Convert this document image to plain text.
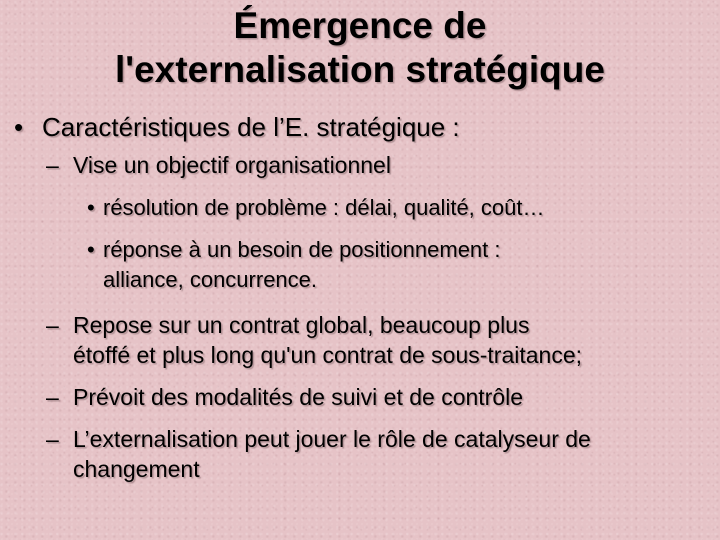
Émergence de
l'externalisation stratégique
• Caractéristiques de l’E. stratégique :
– Vise un objectif organisationnel
• résolution de problème : délai, qualité, coût…
• réponse à un besoin de positionnement :
alliance, concurrence.
– Repose sur un contrat global, beaucoup plus
étoffé et plus long qu'un contrat de sous-traitance;
– Prévoit des modalités de suivi et de contrôle
– L’externalisation peut jouer le rôle de catalyseur de
changement
